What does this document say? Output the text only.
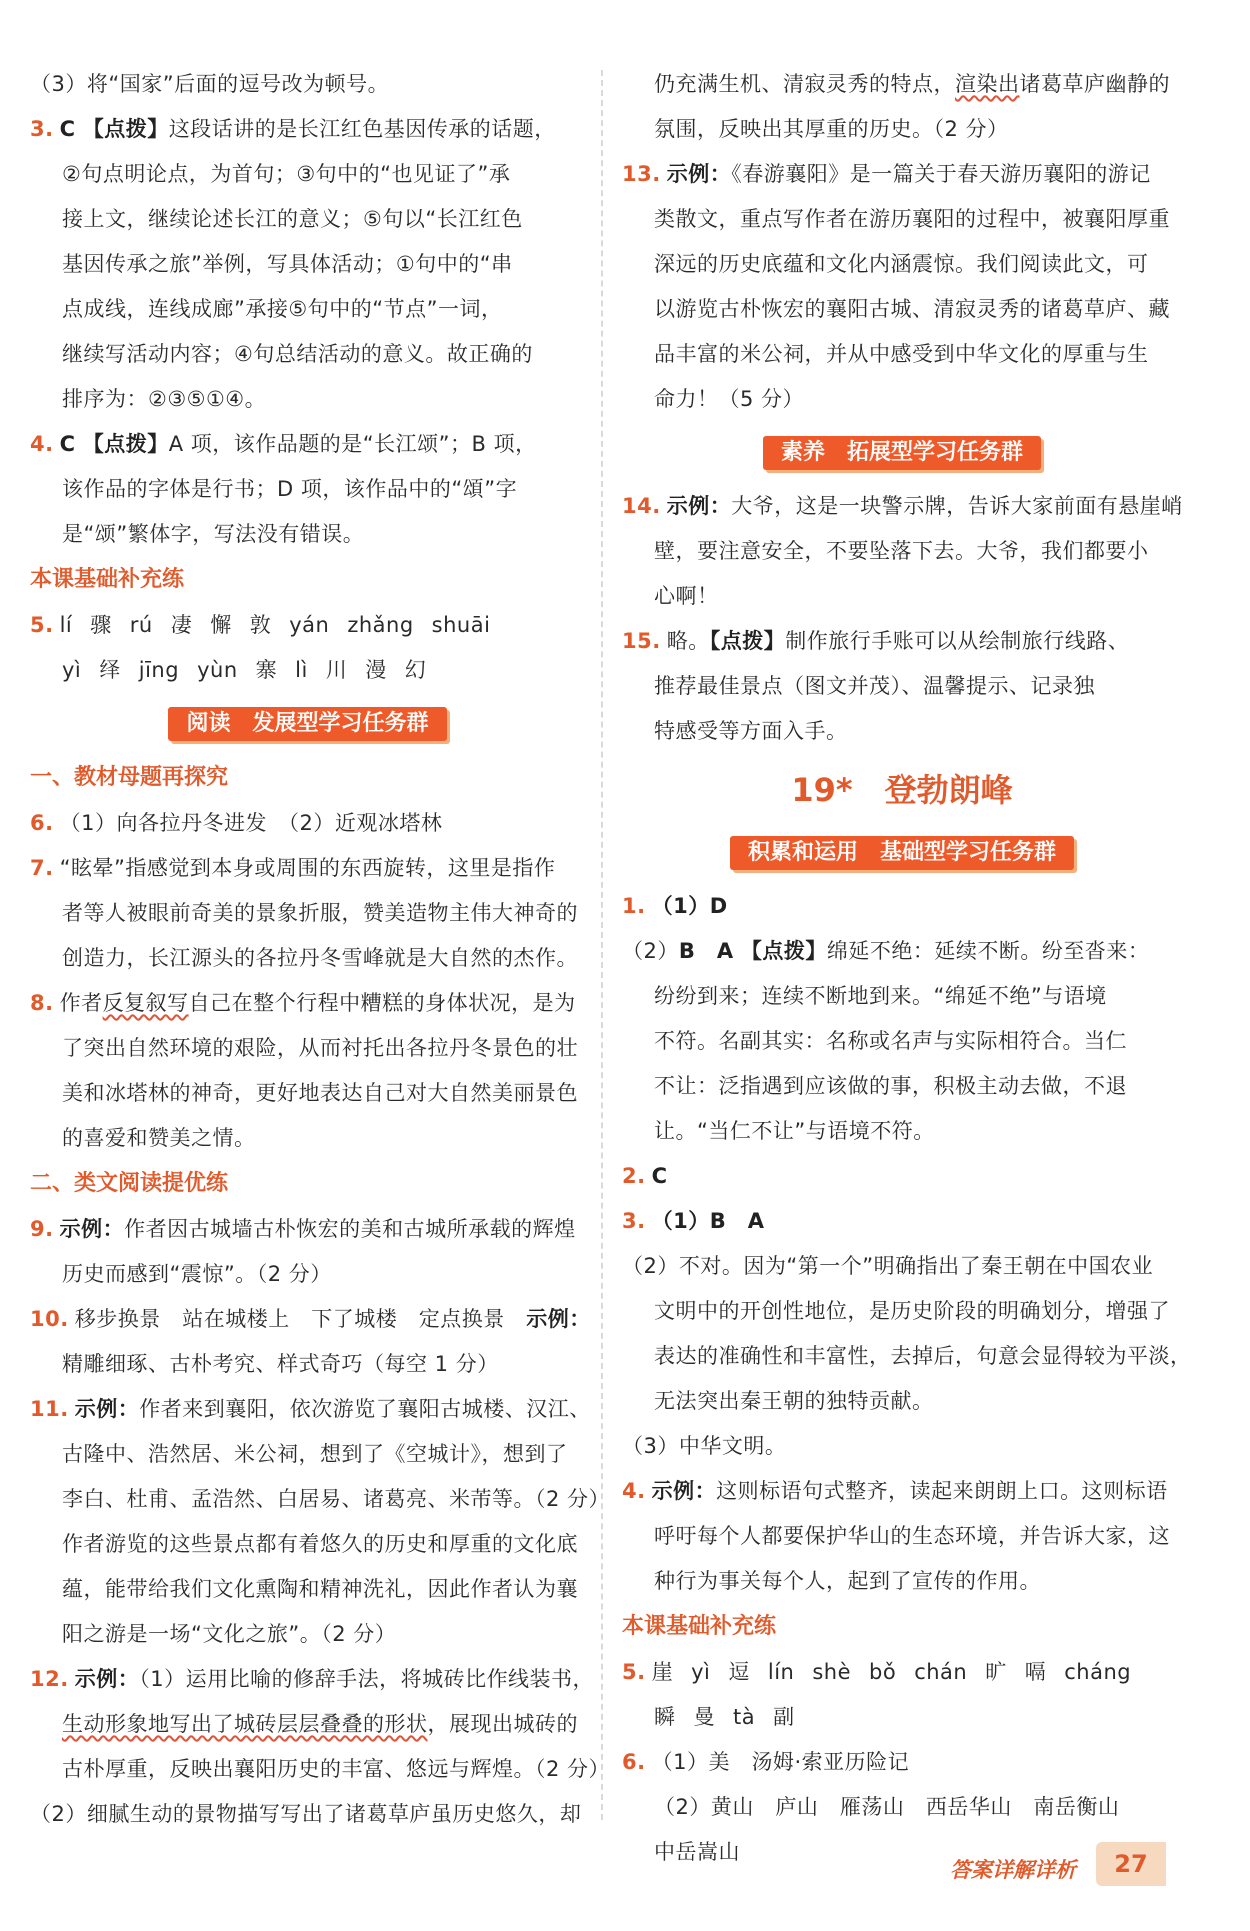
（3）将“国家”后面的逗号改为顿号。
3. C 【点拨】这段话讲的是长江红色基因传承的话题，
②句点明论点，为首句；③句中的“也见证了”承
接上文，继续论述长江的意义；⑤句以“长江红色
基因传承之旅”举例，写具体活动；①句中的“串
点成线，连线成廊”承接⑤句中的“节点”一词，
继续写活动内容；④句总结活动的意义。故正确的
排序为：②③⑤①④。
4. C 【点拨】A 项，该作品题的是“长江颂”；B 项，
该作品的字体是行书；D 项，该作品中的“頌”字
是“颂”繁体字，写法没有错误。
本课基础补充练
5. lí 骤 rú 凄 懈 敦 yán zhǎng shuāi
yì 绎 jīng yùn 寨 lì 川 漫 幻
阅读　发展型学习任务群
一、教材母题再探究
6. （1）向各拉丹冬进发　（2）近观冰塔林
7. “眩晕”指感觉到本身或周围的东西旋转，这里是指作
者等人被眼前奇美的景象折服，赞美造物主伟大神奇的
创造力，长江源头的各拉丹冬雪峰就是大自然的杰作。
8. 作者反复叙写自己在整个行程中糟糕的身体状况，是为
了突出自然环境的艰险，从而衬托出各拉丹冬景色的壮
美和冰塔林的神奇，更好地表达自己对大自然美丽景色
的喜爱和赞美之情。
二、类文阅读提优练
9. 示例：作者因古城墙古朴恢宏的美和古城所承载的辉煌
历史而感到“震惊”。（2 分）
10. 移步换景　站在城楼上　下了城楼　定点换景　 示例：
精雕细琢、古朴考究、样式奇巧（每空 1 分）
11. 示例：作者来到襄阳，依次游览了襄阳古城楼、汉江、
古隆中、浩然居、米公祠，想到了《空城计》，想到了
李白、杜甫、孟浩然、白居易、诸葛亮、米芾等。（2 分）
作者游览的这些景点都有着悠久的历史和厚重的文化底
蕴，能带给我们文化熏陶和精神洗礼，因此作者认为襄
阳之游是一场“文化之旅”。（2 分）
12. 示例：（1）运用比喻的修辞手法，将城砖比作线装书，
生动形象地写出了城砖层层叠叠的形状，展现出城砖的
古朴厚重，反映出襄阳历史的丰富、悠远与辉煌。（2 分）
（2）细腻生动的景物描写写出了诸葛草庐虽历史悠久，却
仍充满生机、清寂灵秀的特点，渲染出诸葛草庐幽静的
氛围，反映出其厚重的历史。（2 分）
13. 示例：《春游襄阳》是一篇关于春天游历襄阳的游记
类散文，重点写作者在游历襄阳的过程中，被襄阳厚重
深远的历史底蕴和文化内涵震惊。我们阅读此文，可
以游览古朴恢宏的襄阳古城、清寂灵秀的诸葛草庐、藏
品丰富的米公祠，并从中感受到中华文化的厚重与生
命力！（5 分）
素养　拓展型学习任务群
14. 示例：大爷，这是一块警示牌，告诉大家前面有悬崖峭
壁，要注意安全，不要坠落下去。大爷，我们都要小
心啊！
15. 略。【点拨】制作旅行手账可以从绘制旅行线路、
推荐最佳景点（图文并茂）、温馨提示、记录独
特感受等方面入手。
19*　登勃朗峰
积累和运用　基础型学习任务群
1. （1）D
（2）B　A 【点拨】绵延不绝：延续不断。纷至沓来：
纷纷到来；连续不断地到来。“绵延不绝”与语境
不符。名副其实：名称或名声与实际相符合。当仁
不让：泛指遇到应该做的事，积极主动去做，不退
让。“当仁不让”与语境不符。
2. C
3. （1）B　A
（2）不对。因为“第一个”明确指出了秦王朝在中国农业
文明中的开创性地位，是历史阶段的明确划分，增强了
表达的准确性和丰富性，去掉后，句意会显得较为平淡，
无法突出秦王朝的独特贡献。
（3）中华文明。
4. 示例：这则标语句式整齐，读起来朗朗上口。这则标语
呼吁每个人都要保护华山的生态环境，并告诉大家，这
种行为事关每个人，起到了宣传的作用。
本课基础补充练
5. 崖 yì 逗 lín shè bǒ chán 旷 嗝 cháng
瞬 曼 tà 副
6. （1）美　汤姆·索亚历险记
（2）黄山　庐山　雁荡山　西岳华山　南岳衡山
中岳嵩山
答案详解详析	27
